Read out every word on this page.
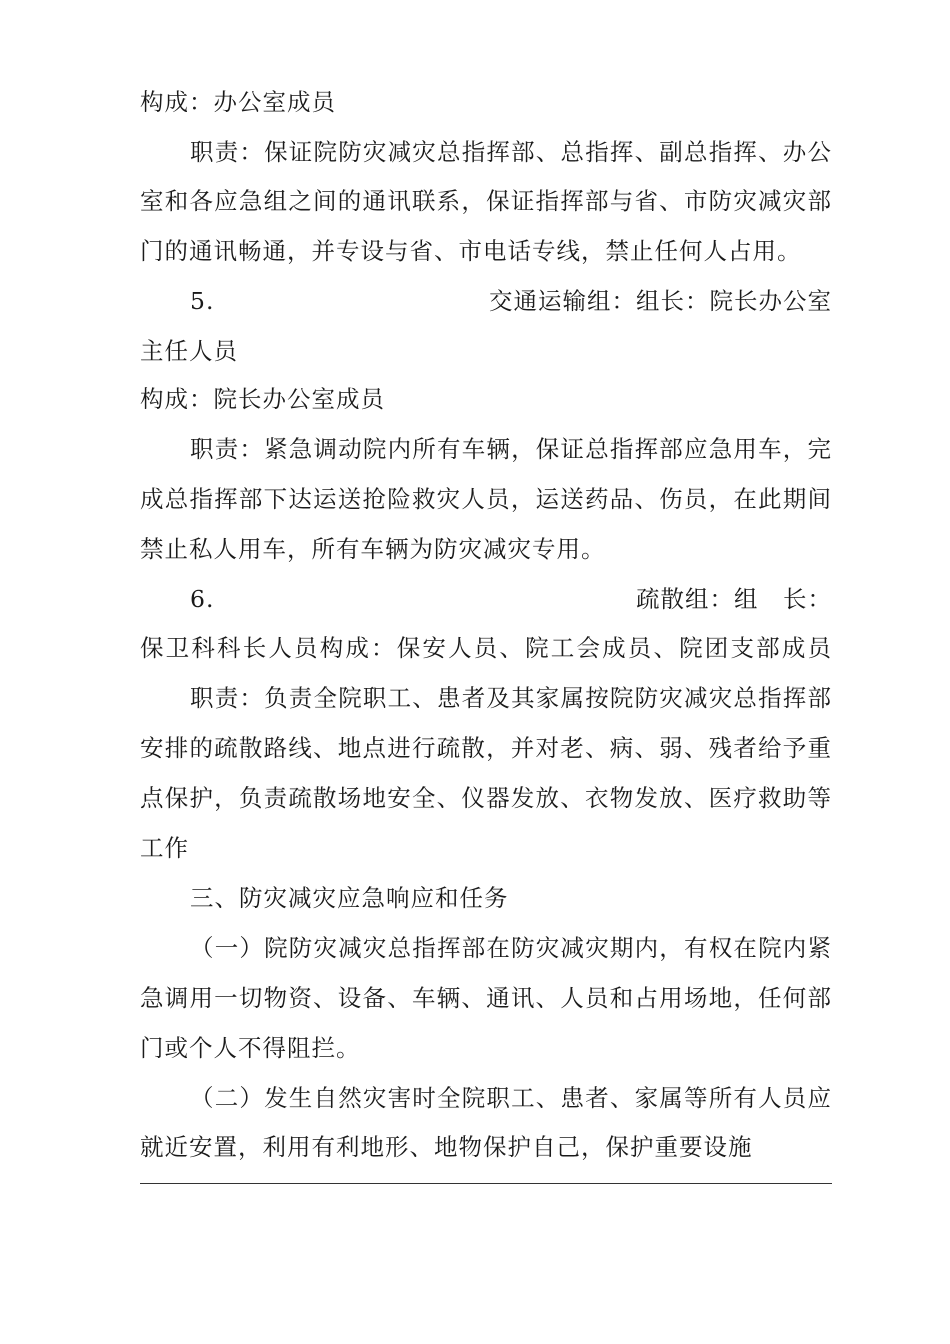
构成：办公室成员
职责：保证院防灾减灾总指挥部、总指挥、副总指挥、办公
室和各应急组之间的通讯联系，保证指挥部与省、市防灾减灾部
门的通讯畅通，并专设与省、市电话专线，禁止任何人占用。
5.	交通运输组：组长：院长办公室
主任人员
构成：院长办公室成员
职责：紧急调动院内所有车辆，保证总指挥部应急用车，完
成总指挥部下达运送抢险救灾人员，运送药品、伤员，在此期间
禁止私人用车，所有车辆为防灾减灾专用。
6.	疏散组：组　长：
保卫科科长人员构成：保安人员、院工会成员、院团支部成员
职责：负责全院职工、患者及其家属按院防灾减灾总指挥部
安排的疏散路线、地点进行疏散，并对老、病、弱、残者给予重
点保护，负责疏散场地安全、仪器发放、衣物发放、医疗救助等
工作
三、防灾减灾应急响应和任务
（一）院防灾减灾总指挥部在防灾减灾期内，有权在院内紧
急调用一切物资、设备、车辆、通讯、人员和占用场地，任何部
门或个人不得阻拦。
（二）发生自然灾害时全院职工、患者、家属等所有人员应
就近安置，利用有利地形、地物保护自己，保护重要设施
